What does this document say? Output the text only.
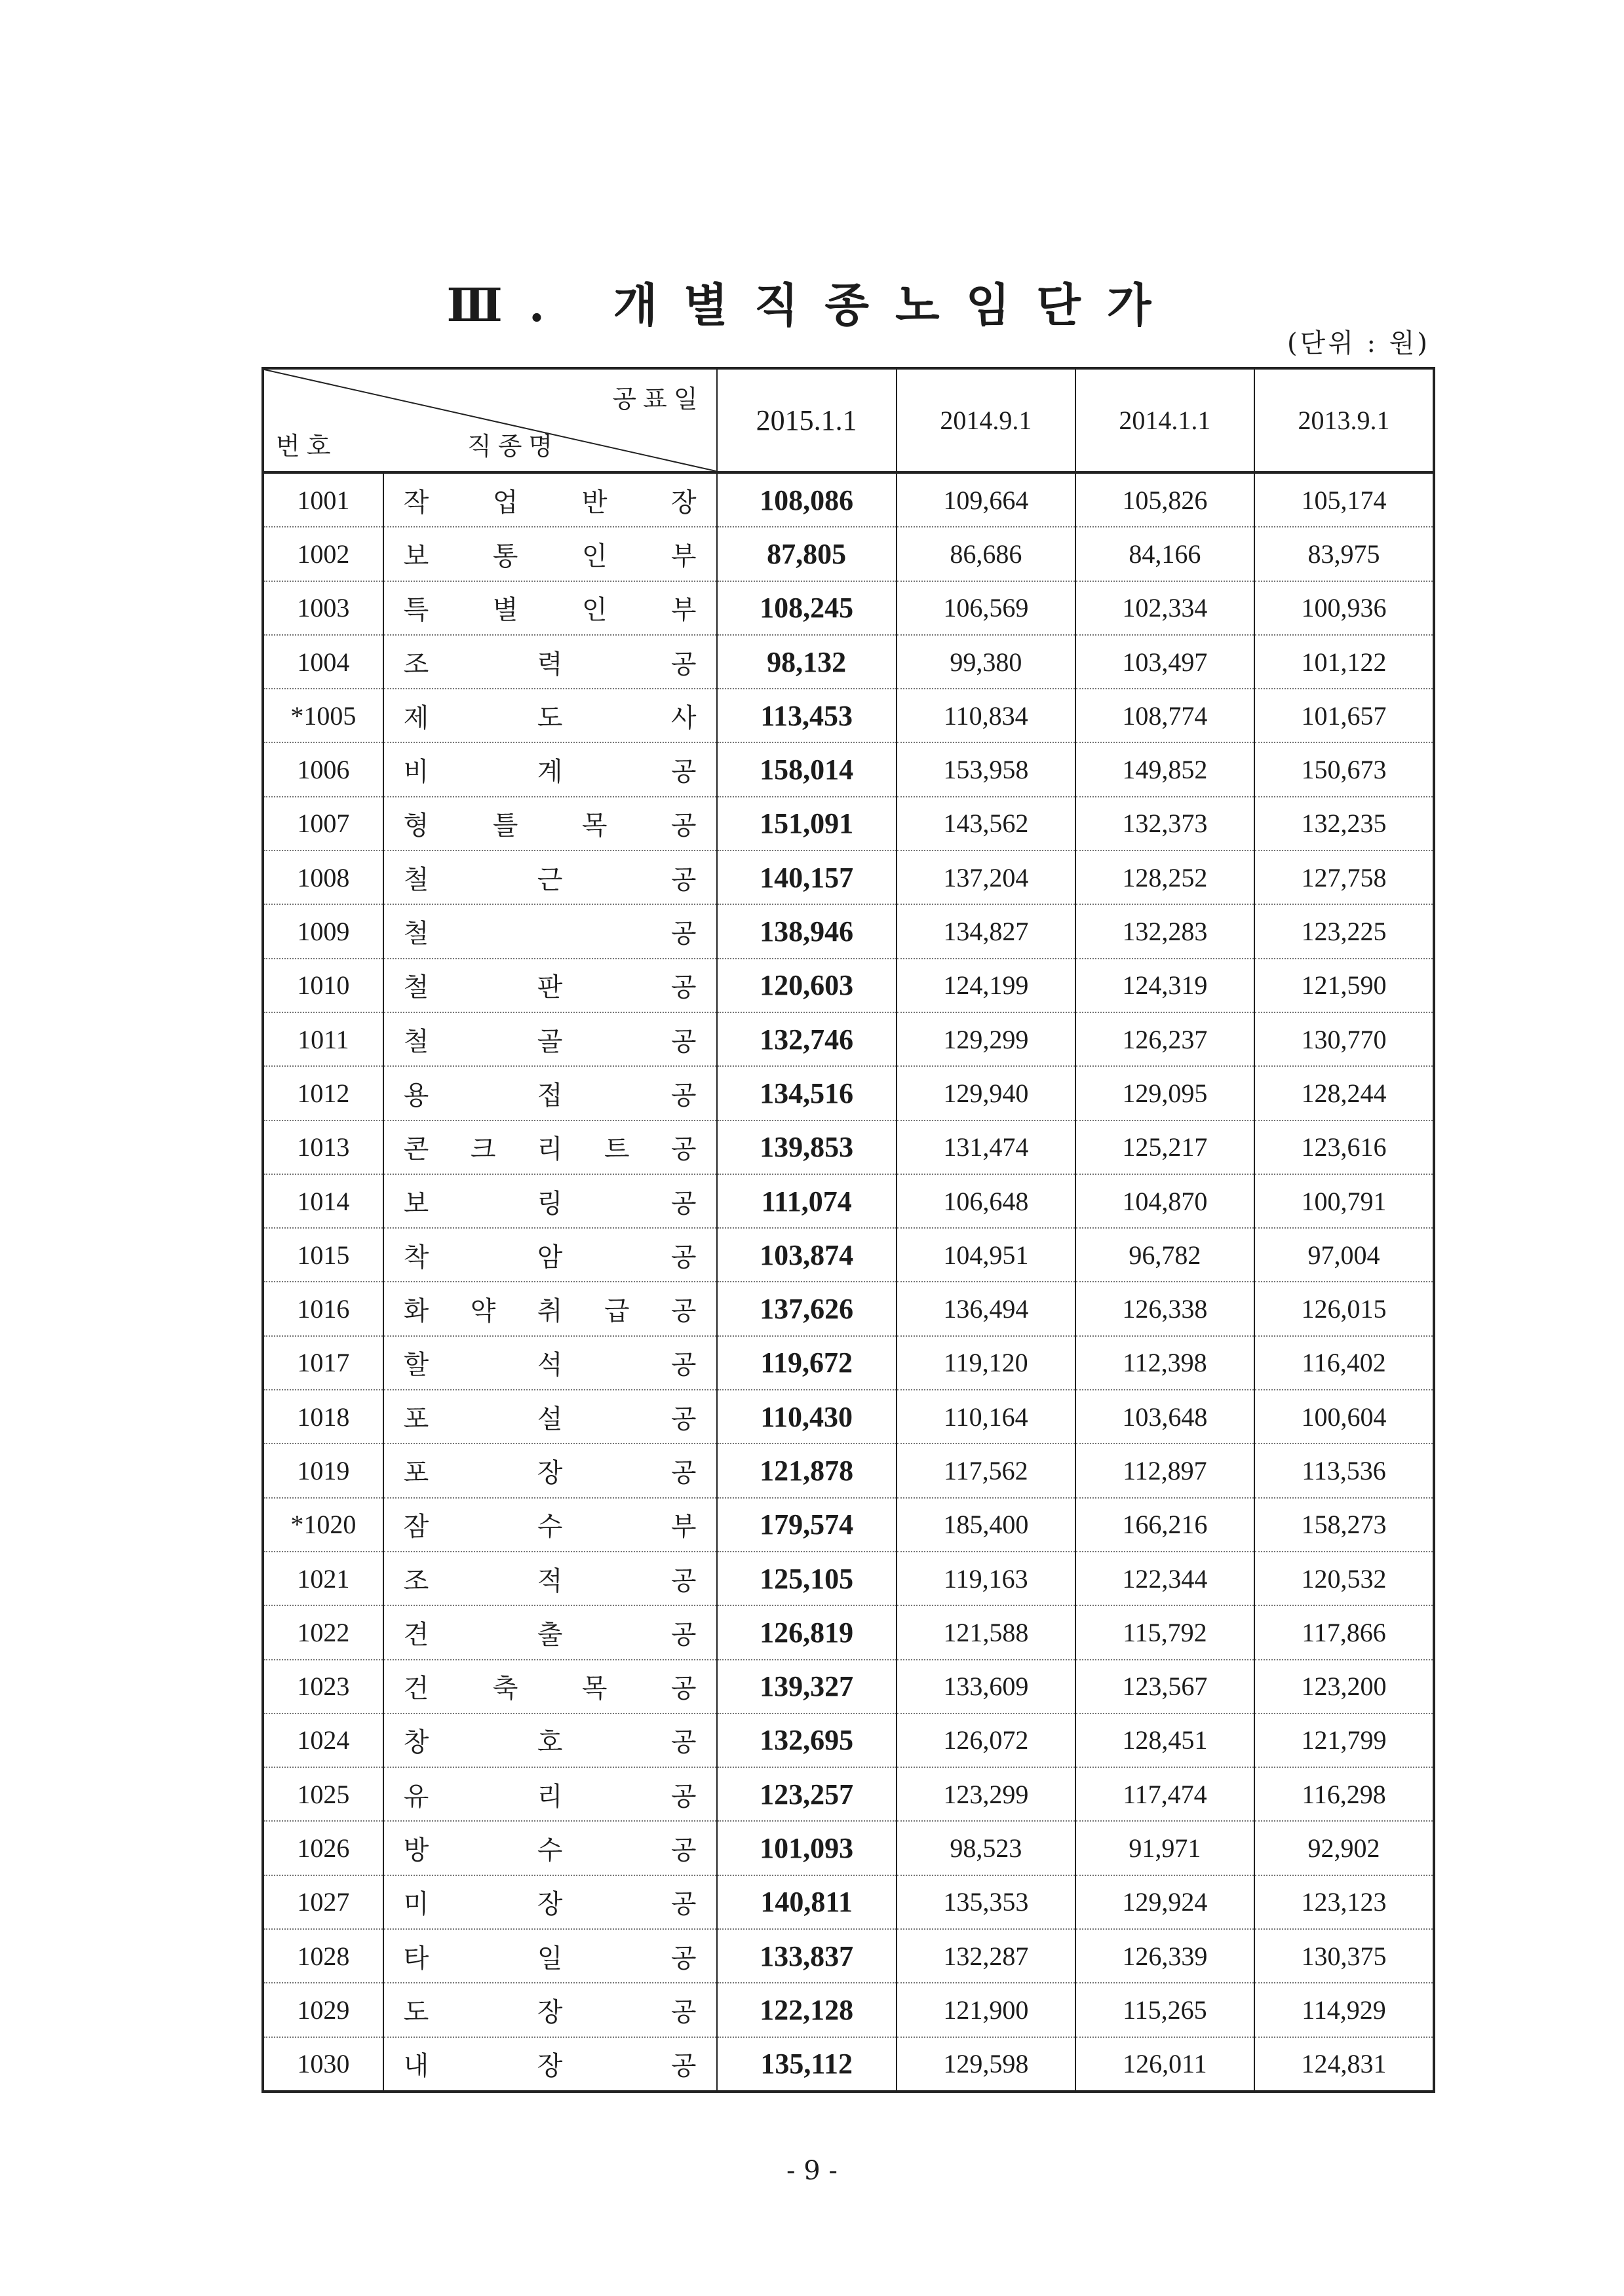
Ⅲ. 개별직종노임단가
(단위 : 원)
공표일
번호 직종명		2015.1.1	2014.9.1	2014.1.1	2013.9.1
1001	작 업 반 장	108,086	109,664	105,826	105,174
1002	보 통 인 부	87,805	86,686	84,166	83,975
1003	특 별 인 부	108,245	106,569	102,334	100,936
1004	조 력 공	98,132	99,380	103,497	101,122
*1005	제 도 사	113,453	110,834	108,774	101,657
1006	비 계 공	158,014	153,958	149,852	150,673
1007	형 틀 목 공	151,091	143,562	132,373	132,235
1008	철 근 공	140,157	137,204	128,252	127,758
1009	철 공	138,946	134,827	132,283	123,225
1010	철 판 공	120,603	124,199	124,319	121,590
1011	철 골 공	132,746	129,299	126,237	130,770
1012	용 접 공	134,516	129,940	129,095	128,244
1013	콘 크 리 트 공	139,853	131,474	125,217	123,616
1014	보 링 공	111,074	106,648	104,870	100,791
1015	착 암 공	103,874	104,951	96,782	97,004
1016	화 약 취 급 공	137,626	136,494	126,338	126,015
1017	할 석 공	119,672	119,120	112,398	116,402
1018	포 설 공	110,430	110,164	103,648	100,604
1019	포 장 공	121,878	117,562	112,897	113,536
*1020	잠 수 부	179,574	185,400	166,216	158,273
1021	조 적 공	125,105	119,163	122,344	120,532
1022	견 출 공	126,819	121,588	115,792	117,866
1023	건 축 목 공	139,327	133,609	123,567	123,200
1024	창 호 공	132,695	126,072	128,451	121,799
1025	유 리 공	123,257	123,299	117,474	116,298
1026	방 수 공	101,093	98,523	91,971	92,902
1027	미 장 공	140,811	135,353	129,924	123,123
1028	타 일 공	133,837	132,287	126,339	130,375
1029	도 장 공	122,128	121,900	115,265	114,929
1030	내 장 공	135,112	129,598	126,011	124,831
- 9 -
